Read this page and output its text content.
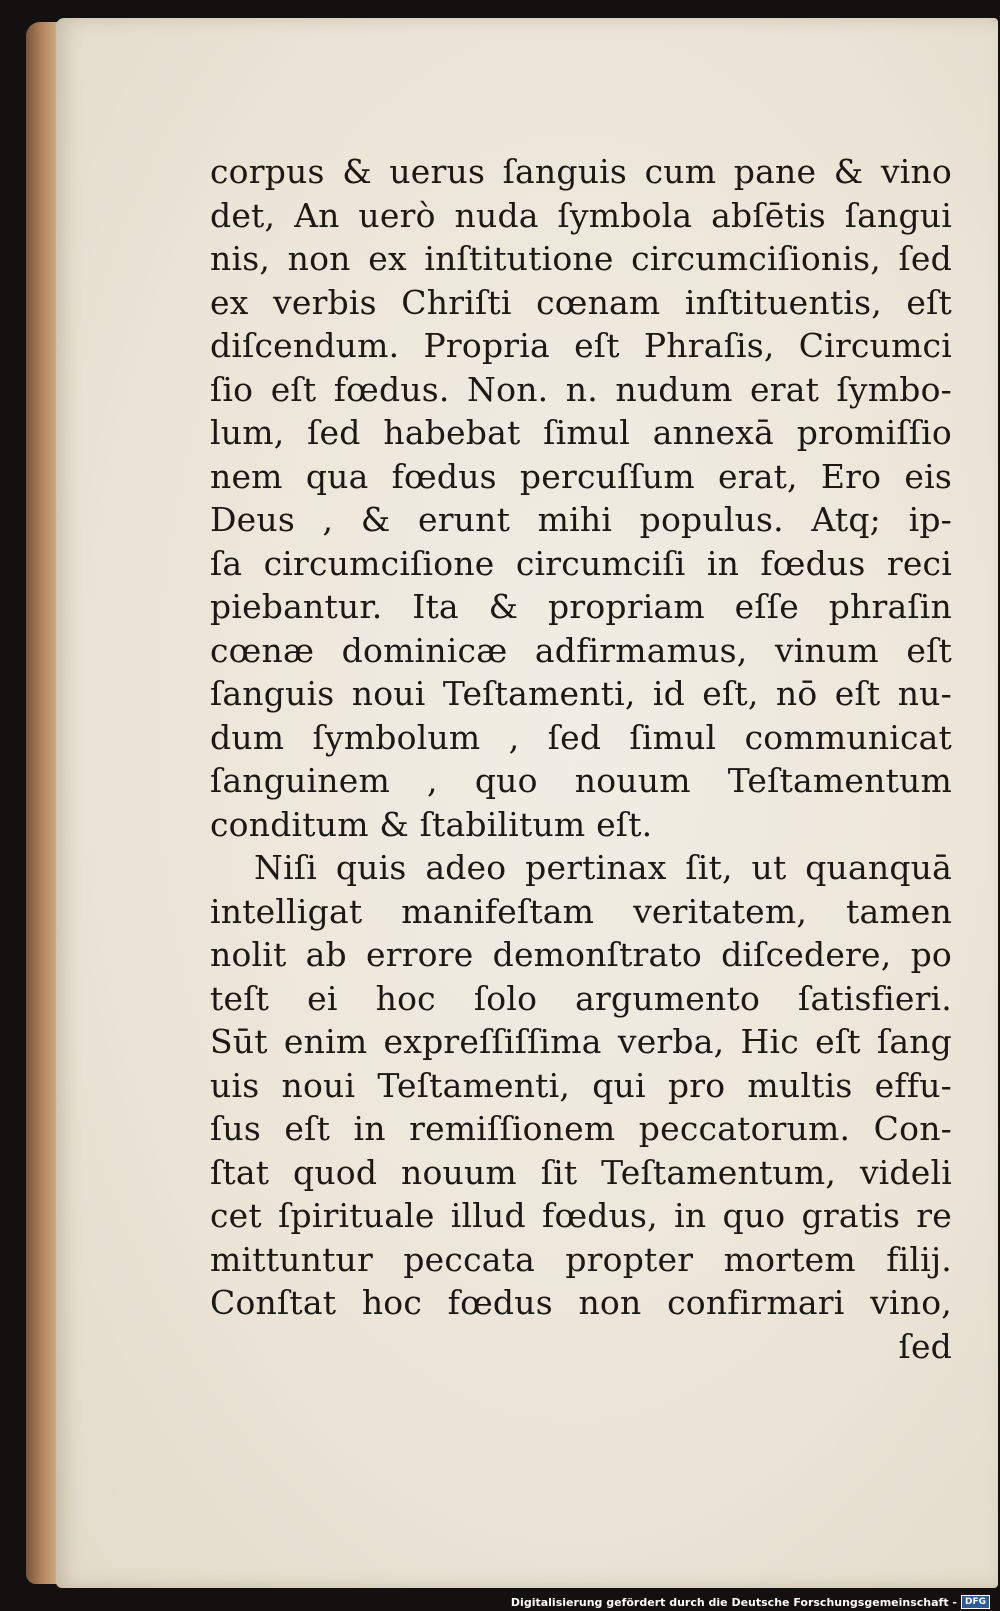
corpus & uerus ſanguis cum pane & vino
det, An uerò nuda ſymbola abſētis ſangui
nis, non ex inſtitutione circumciſionis, ſed
ex verbis Chriſti cœnam inſtituentis, eſt
diſcendum. Propria eſt Phraſis, Circumci
ſio eſt fœdus. Non. n. nudum erat ſymbo-
lum, ſed habebat ſimul annexā promiſſio
nem qua fœdus percuſſum erat, Ero eis
Deus , & erunt mihi populus. Atq; ip-
ſa circumciſione circumciſi in fœdus reci
piebantur. Ita & propriam eſſe phraſin
cœnæ dominicæ adfirmamus, vinum eſt
ſanguis noui Teſtamenti, id eſt, nō eſt nu-
dum ſymbolum , ſed ſimul communicat
ſanguinem , quo nouum Teſtamentum
conditum & ſtabilitum eſt.
Niſi quis adeo pertinax ſit, ut quanquā
intelligat manifeſtam veritatem, tamen
nolit ab errore demonſtrato diſcedere, po
teſt ei hoc ſolo argumento ſatisfieri.
Sūt enim expreſſiſſima verba, Hic eſt ſang
uis noui Teſtamenti, qui pro multis effu-
ſus eſt in remiſſionem peccatorum. Con-
ſtat quod nouum ſit Teſtamentum, videli
cet ſpirituale illud fœdus, in quo gratis re
mittuntur peccata propter mortem filij.
Conſtat hoc fœdus non confirmari vino,
ſed
Digitalisierung gefördert durch die Deutsche Forschungsgemeinschaft - DFG
